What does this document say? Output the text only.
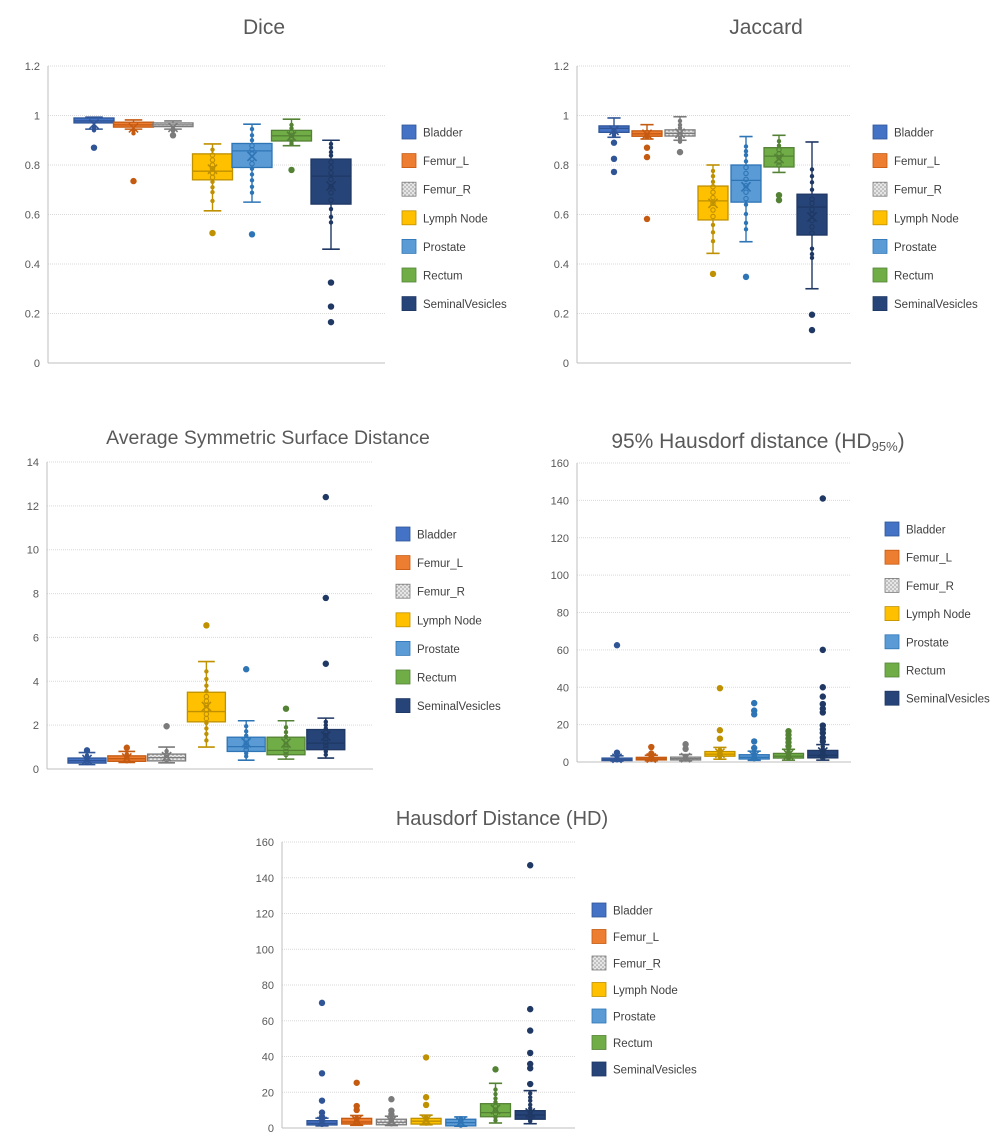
0
0.2
0.4
0.6
0.8
1
1.2
Bladder
Femur_L
Femur_R
Lymph Node
Prostate
Rectum
SeminalVesicles
Dice
0
0.2
0.4
0.6
0.8
1
1.2
Bladder
Femur_L
Femur_R
Lymph Node
Prostate
Rectum
SeminalVesicles
Jaccard
0
2
4
6
8
10
12
14
Bladder
Femur_L
Femur_R
Lymph Node
Prostate
Rectum
SeminalVesicles
Average Symmetric Surface Distance
0
20
40
60
80
100
120
140
160
Bladder
Femur_L
Femur_R
Lymph Node
Prostate
Rectum
SeminalVesicles
95% Hausdorf distance (HD95%)
0
20
40
60
80
100
120
140
160
Bladder
Femur_L
Femur_R
Lymph Node
Prostate
Rectum
SeminalVesicles
Hausdorf Distance (HD)
